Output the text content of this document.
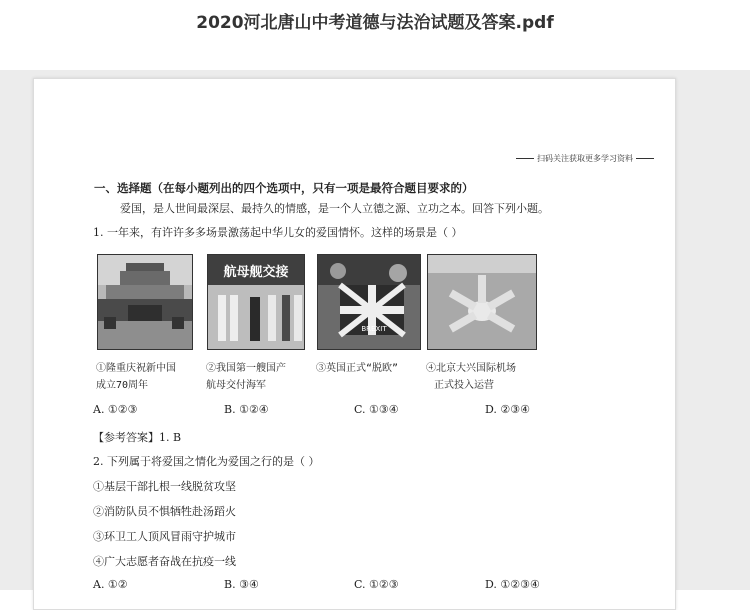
2020河北唐山中考道德与法治试题及答案.pdf
扫码关注获取更多学习资料
一、选择题（在每小题列出的四个选项中，只有一项是最符合题目要求的）
爱国，是人世间最深层、最持久的情感，是一个人立德之源、立功之本。回答下列小题。
1. 一年来，有许许多多场景激荡起中华儿女的爱国情怀。这样的场景是（ ）
航母舰交接
BREXIT
①隆重庆祝新中国
成立70周年
②我国第一艘国产
航母交付海军
③英国正式“脱欧”	④北京大兴国际机场
正式投入运营
A. ①②③	B. ①②④	C. ①③④	D. ②③④
【参考答案】1. B
2. 下列属于将爱国之情化为爱国之行的是（ ）
①基层干部扎根一线脱贫攻坚
②消防队员不惧牺牲赴汤蹈火
③环卫工人顶风冒雨守护城市
④广大志愿者奋战在抗疫一线
A. ①②	B. ③④	C. ①②③	D. ①②③④
